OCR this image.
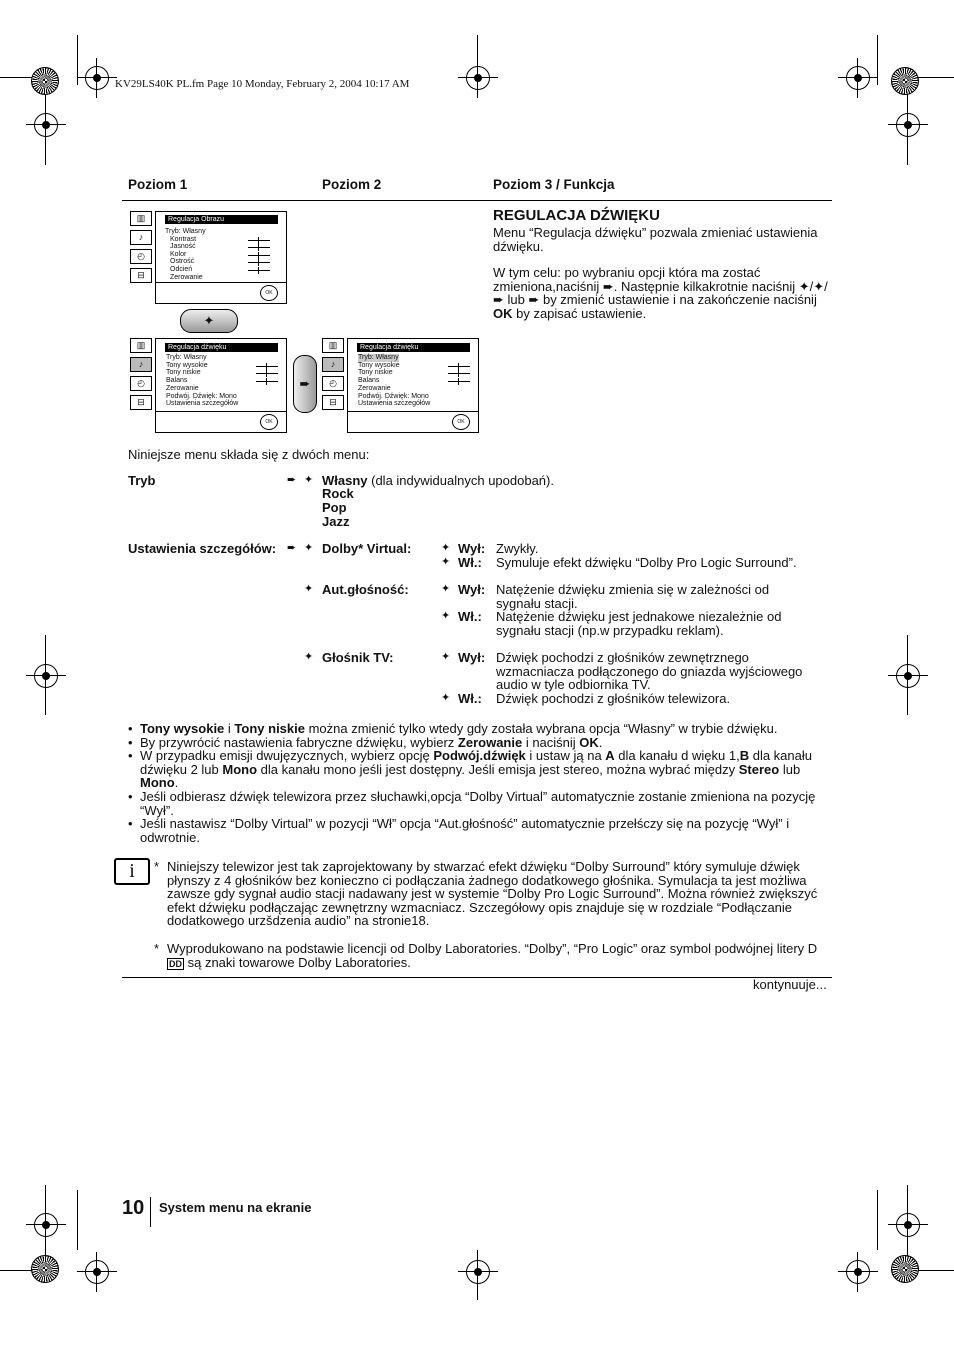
KV29LS40K PL.fm Page 10 Monday, February 2, 2004 10:17 AM
Poziom 1	Poziom 2	Poziom 3 / Funkcja
▥
♪
◴
⊟
Regulacja Obrazu
Tryb: Własny
Kontrast
Jasność
Kolor
Ostrość
Odcień
Zerowanie
OK
✦
▥
♪
◴
⊟
Regulacja dźwięku
Tryb: Własny
Tony wysokie
Tony niskie
Balans
Zerowanie
Podwój. Dźwięk: Mono
Ustawienia szczegółów
OK
➨
▥
♪
◴
⊟
Regulacja dźwięku
Tryb: Własny
Tony wysokie
Tony niskie
Balans
Zerowanie
Podwój. Dźwięk: Mono
Ustawienia szczegółów
OK
REGULACJA DŹWIĘKU
Menu “Regulacja dźwięku” pozwala zmieniać ustawienia dźwięku.
W tym celu: po wybraniu opcji która ma zostać zmieniona,naciśnij ➨. Następnie kilkakrotnie naciśnij ✦/✦/➨ lub ➨ by zmienić ustawienie i na zakończenie naciśnij OK by zapisać ustawienie.
Niniejsze menu składa się z dwóch menu:
Tryb	➨ ✦ Własny (dla indywidualnych upodobań).
Rock
Pop
Jazz
Ustawienia szczegółów: ➨ ✦ Dolby* Virtual:	✦ Wył: Zwykły.
✦ Wł.: Symuluje efekt dźwięku “Dolby Pro Logic Surround”.
✦ Aut.głośność:	✦ Wył: Natężenie dźwięku zmienia się w zależności od sygnału stacji.
✦ Wł.: Natężenie dźwięku jest jednakowe niezależnie od sygnału stacji (np.w przypadku reklam).
✦ Głośnik TV:	✦ Wył: Dźwięk pochodzi z głośników zewnętrznego wzmacniacza podłączonego do gniazda wyjściowego audio w tyle odbiornika TV.
✦ Wł.: Dźwięk pochodzi z głośników telewizora.
• Tony wysokie i Tony niskie można zmienić tylko wtedy gdy została wybrana opcja “Własny” w trybie dźwięku.
• By przywrócić nastawienia fabryczne dźwięku, wybierz Zerowanie i naciśnij OK.
• W przypadku emisji dwujęzycznych, wybierz opcję Podwój.dźwięk i ustaw ją na A dla kanału d więku 1,B dla kanału dźwięku 2 lub Mono dla kanału mono jeśli jest dostępny. Jeśli emisja jest stereo, można wybrać między Stereo lub Mono.
• Jeśli odbierasz dźwięk telewizora przez słuchawki,opcja “Dolby Virtual” automatycznie zostanie zmieniona na pozycję “Wył”.
• Jeśli nastawisz “Dolby Virtual” w pozycji “Wł” opcja “Aut.głośność” automatycznie przełśczy się na pozycję “Wył” i odwrotnie.
i	* Niniejszy telewizor jest tak zaprojektowany by stwarzać efekt dźwięku “Dolby Surround” który symuluje dźwięk płynszy z 4 głośników bez konieczno ci podłączania żadnego dodatkowego głośnika. Symulacja ta jest możliwa zawsze gdy sygnał audio stacji nadawany jest w systemie “Dolby Pro Logic Surround”. Można również zwiększyć efekt dźwięku podłączając zewnętrzny wzmacniacz. Szczegółowy opis znajduje się w rozdziale “Podłączanie dodatkowego urzšdzenia audio” na stronie18.
* Wyprodukowano na podstawie licencji od Dolby Laboratories. “Dolby”, “Pro Logic” oraz symbol podwójnej litery D DD są znaki towarowe Dolby Laboratories.
kontynuuje...
10 System menu na ekranie
